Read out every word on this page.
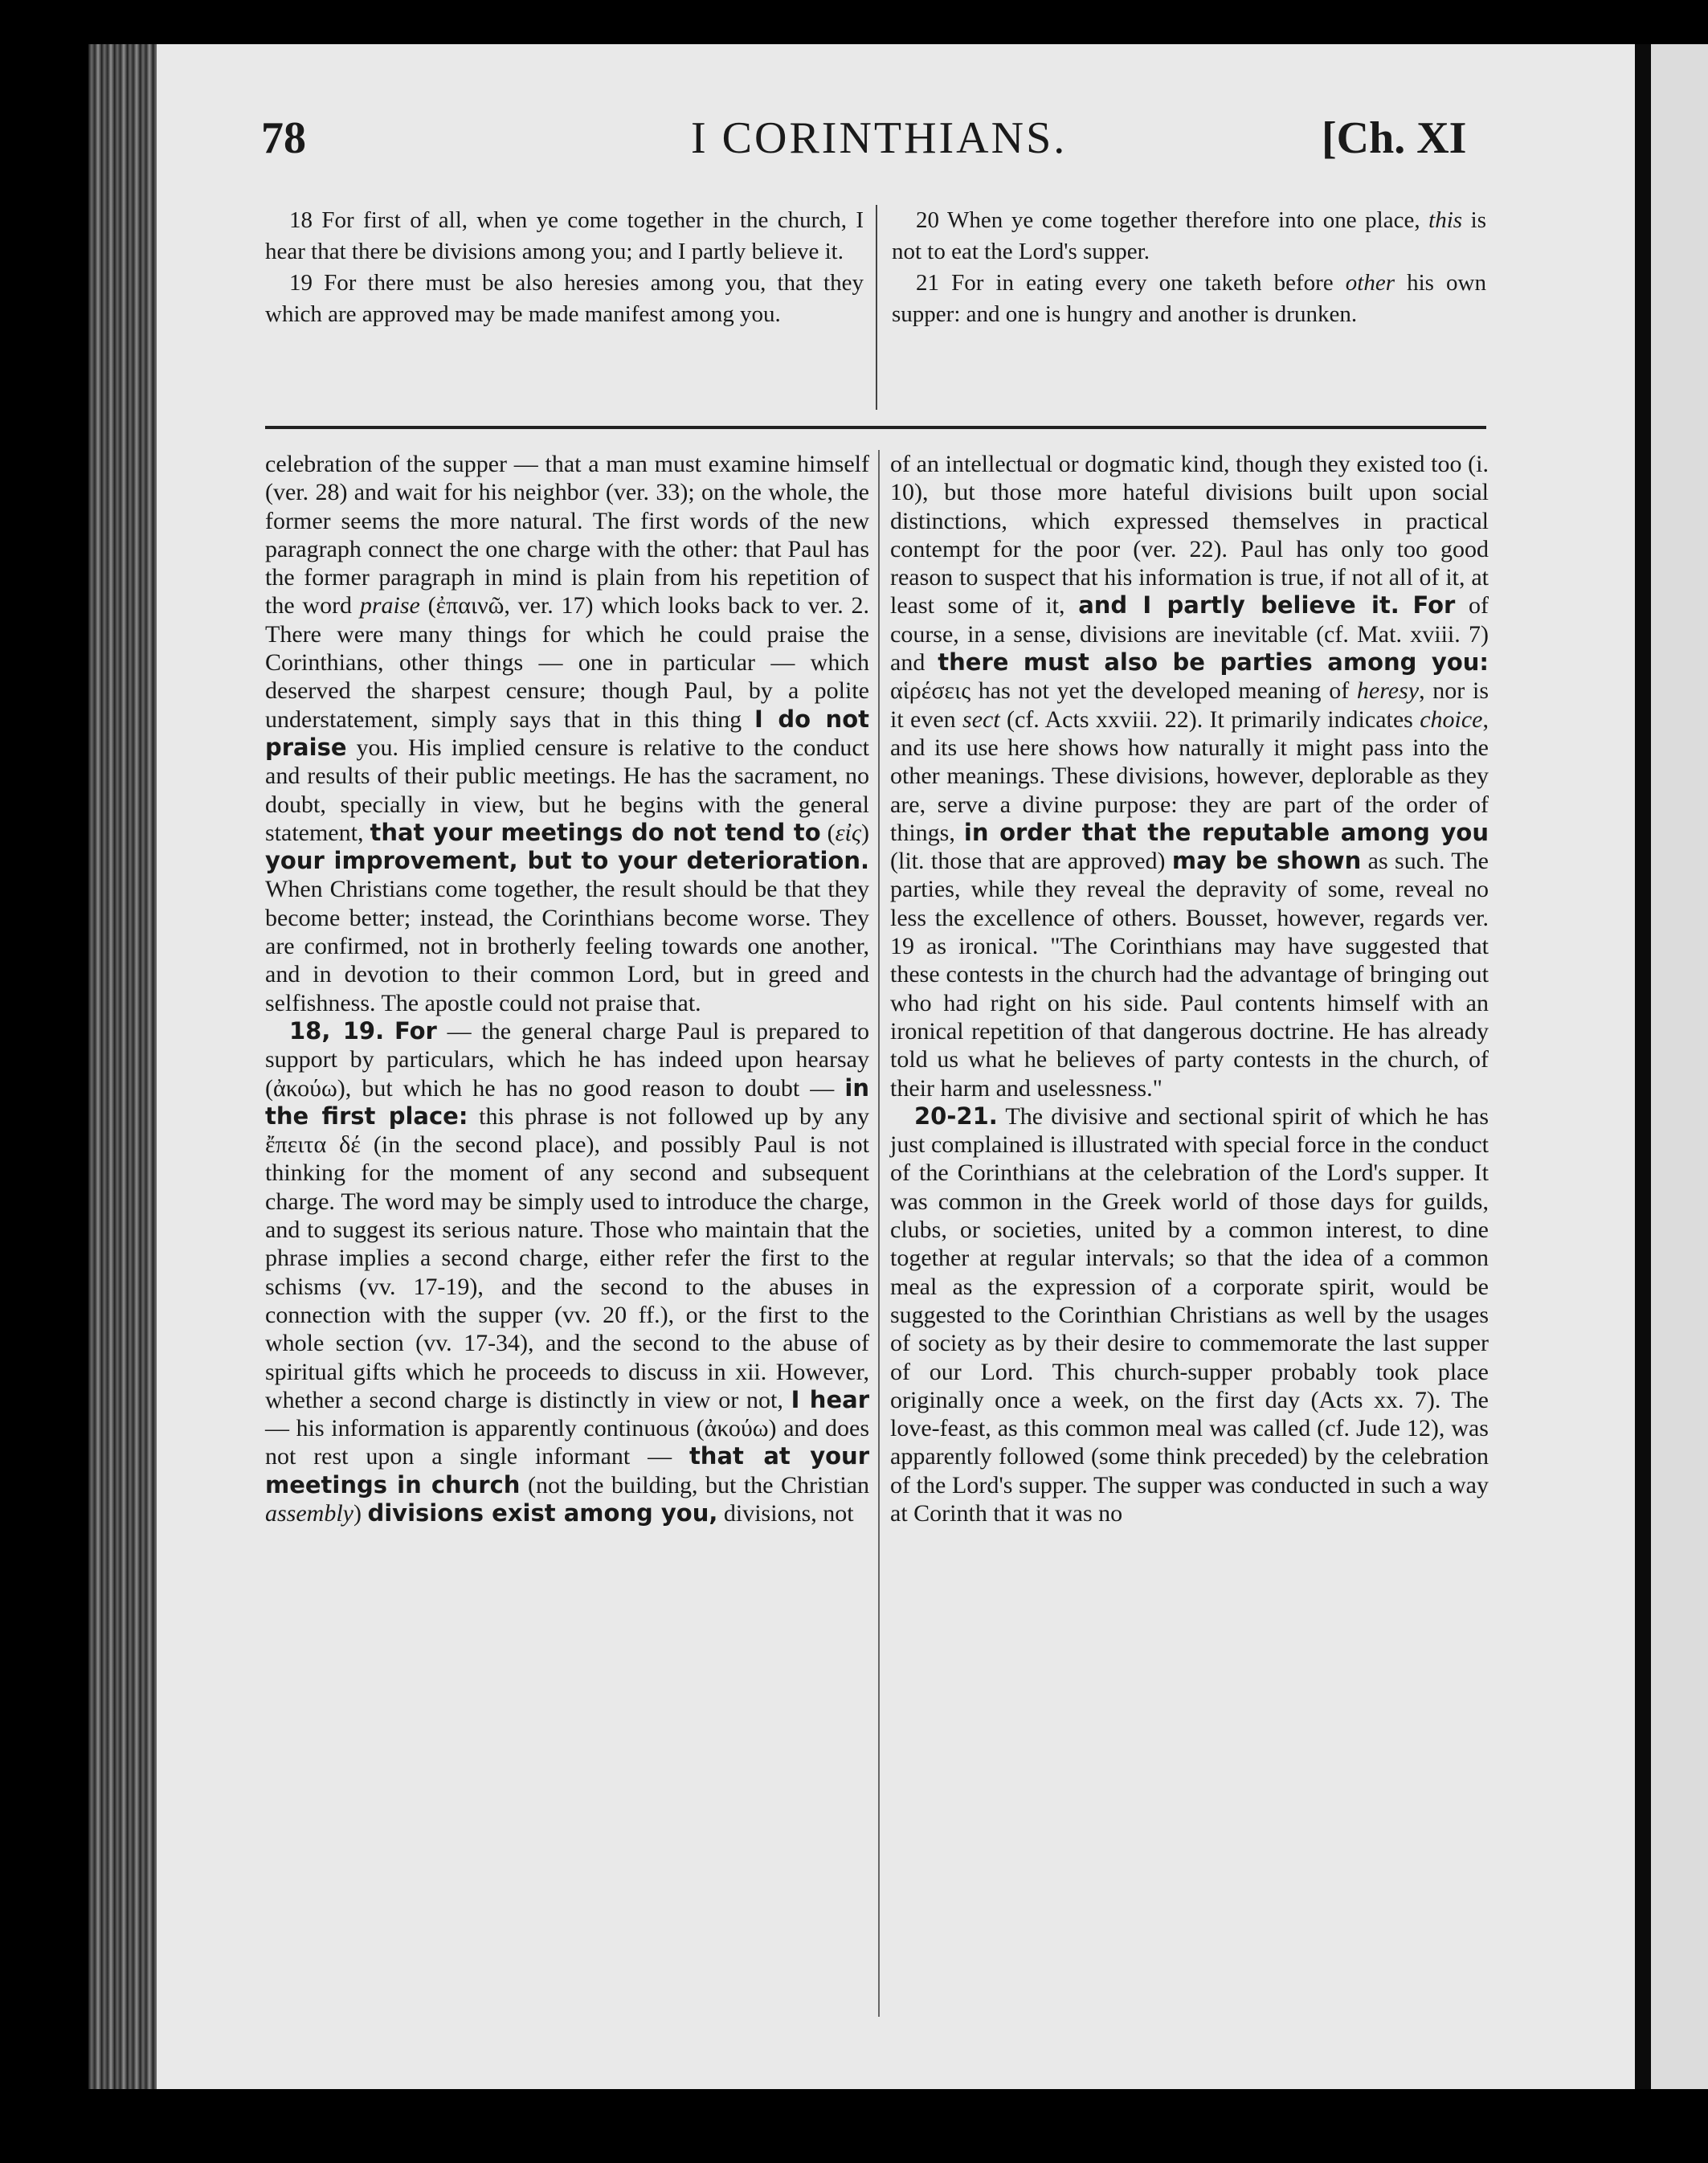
78	I CORINTHIANS.	[Ch. XI

18 For first of all, when ye come together in the church, I hear that there be divisions among you; and I partly believe it.

19 For there must be also heresies among you, that they which are approved may be made manifest among you.

20 When ye come together therefore into one place, this is not to eat the Lord's supper.

21 For in eating every one taketh before other his own supper: and one is hungry and another is drunken.

celebration of the supper — that a man must examine himself (ver. 28) and wait for his neighbor (ver. 33); on the whole, the former seems the more natural. The first words of the new paragraph connect the one charge with the other: that Paul has the former paragraph in mind is plain from his repetition of the word praise (ἐπαινῶ, ver. 17) which looks back to ver. 2. There were many things for which he could praise the Corinthians, other things — one in particular — which deserved the sharpest censure; though Paul, by a polite understatement, simply says that in this thing I do not praise you. His implied censure is relative to the conduct and results of their public meetings. He has the sacrament, no doubt, specially in view, but he begins with the general statement, that your meetings do not tend to (εἰς) your improvement, but to your deterioration. When Christians come together, the result should be that they become better; instead, the Corinthians become worse. They are confirmed, not in brotherly feeling towards one another, and in devotion to their common Lord, but in greed and selfishness. The apostle could not praise that.

18, 19. For — the general charge Paul is prepared to support by particulars, which he has indeed upon hearsay (ἀκούω), but which he has no good reason to doubt — in the first place: this phrase is not followed up by any ἔπειτα δέ (in the second place), and possibly Paul is not thinking for the moment of any second and subsequent charge. The word may be simply used to introduce the charge, and to suggest its serious nature. Those who maintain that the phrase implies a second charge, either refer the first to the schisms (vv. 17-19), and the second to the abuses in connection with the supper (vv. 20 ff.), or the first to the whole section (vv. 17-34), and the second to the abuse of spiritual gifts which he proceeds to discuss in xii. However, whether a second charge is distinctly in view or not, I hear — his information is apparently continuous (ἀκούω) and does not rest upon a single informant — that at your meetings in church (not the building, but the Christian assembly) divisions exist among you, divisions, not

of an intellectual or dogmatic kind, though they existed too (i. 10), but those more hateful divisions built upon social distinctions, which expressed themselves in practical contempt for the poor (ver. 22). Paul has only too good reason to suspect that his information is true, if not all of it, at least some of it, and I partly believe it. For of course, in a sense, divisions are inevitable (cf. Mat. xviii. 7) and there must also be parties among you: αἱρέσεις has not yet the developed meaning of heresy, nor is it even sect (cf. Acts xxviii. 22). It primarily indicates choice, and its use here shows how naturally it might pass into the other meanings. These divisions, however, deplorable as they are, serve a divine purpose: they are part of the order of things, in order that the reputable among you (lit. those that are approved) may be shown as such. The parties, while they reveal the depravity of some, reveal no less the excellence of others. Bousset, however, regards ver. 19 as ironical. "The Corinthians may have suggested that these contests in the church had the advantage of bringing out who had right on his side. Paul contents himself with an ironical repetition of that dangerous doctrine. He has already told us what he believes of party contests in the church, of their harm and uselessness."

20-21. The divisive and sectional spirit of which he has just complained is illustrated with special force in the conduct of the Corinthians at the celebration of the Lord's supper. It was common in the Greek world of those days for guilds, clubs, or societies, united by a common interest, to dine together at regular intervals; so that the idea of a common meal as the expression of a corporate spirit, would be suggested to the Corinthian Christians as well by the usages of society as by their desire to commemorate the last supper of our Lord. This church-supper probably took place originally once a week, on the first day (Acts xx. 7). The love-feast, as this common meal was called (cf. Jude 12), was apparently followed (some think preceded) by the celebration of the Lord's supper. The supper was conducted in such a way at Corinth that it was no
